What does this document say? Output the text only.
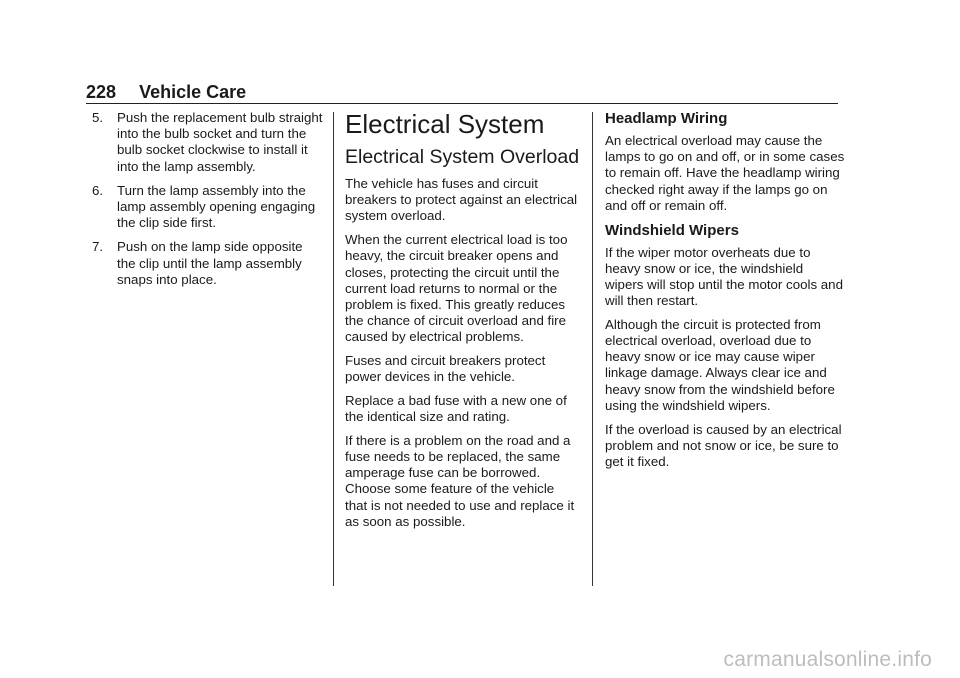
228 Vehicle Care
5.	Push the replacement bulb straight into the bulb socket and turn the bulb socket clockwise to install it into the lamp assembly.
6.	Turn the lamp assembly into the lamp assembly opening engaging the clip side first.
7.	Push on the lamp side opposite the clip until the lamp assembly snaps into place.
Electrical System
Electrical System Overload

The vehicle has fuses and circuit breakers to protect against an electrical system overload.

When the current electrical load is too heavy, the circuit breaker opens and closes, protecting the circuit until the current load returns to normal or the problem is fixed. This greatly reduces the chance of circuit overload and fire caused by electrical problems.

Fuses and circuit breakers protect power devices in the vehicle.

Replace a bad fuse with a new one of the identical size and rating.

If there is a problem on the road and a fuse needs to be replaced, the same amperage fuse can be borrowed. Choose some feature of the vehicle that is not needed to use and replace it as soon as possible.

Headlamp Wiring

An electrical overload may cause the lamps to go on and off, or in some cases to remain off. Have the headlamp wiring checked right away if the lamps go on and off or remain off.

Windshield Wipers

If the wiper motor overheats due to heavy snow or ice, the windshield wipers will stop until the motor cools and will then restart.

Although the circuit is protected from electrical overload, overload due to heavy snow or ice may cause wiper linkage damage. Always clear ice and heavy snow from the windshield before using the windshield wipers.

If the overload is caused by an electrical problem and not snow or ice, be sure to get it fixed.

carmanualsonline.info
